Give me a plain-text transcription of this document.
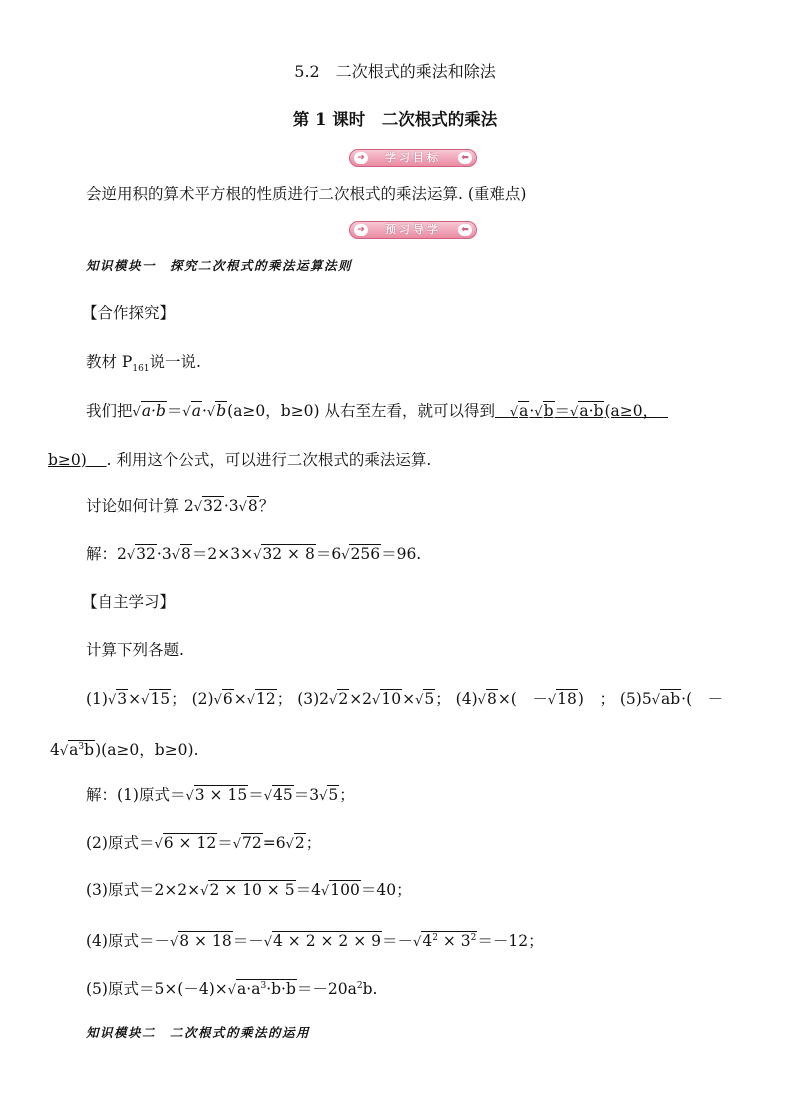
5.2　二次根式的乘法和除法
第 1 课时　二次根式的乘法
➜ 学习目标	⬅
会逆用积的算术平方根的性质进行二次根式的乘法运算. (重难点)
➜ 预习导学	⬅
知识模块一　探究二次根式的乘法运算法则
【合作探究】
教材 $P_{161}$说一说.
我们把√a·b＝√a·√b(a≥0，b≥0) 从右至左看，就可以得到 √a·√b＝√a·b(a≥0，
b≥0) . 利用这个公式，可以进行二次根式的乘法运算.
讨论如何计算 2√32·3√8？
解：2√32·3√8＝2×3×√32 × 8＝6√256＝96.
【自主学习】
计算下列各题.
(1)√3×√15； (2)√6×√12； (3)2√2×2√10×√5； (4)√8×(　－√18)　； (5)5√ab·(　－
$4√a^3b)(a\ge 0$，b≥0).
解：(1)原式＝√3 × 15＝√45＝3√5；
(2)原式＝√6 × 12＝√72=6√2；
(3)原式＝2×2×√2 × 10 × 5＝4√100＝40；
(4)原式$=-√8 \times 18=-√4 \times 2 \times 2 \times 9=-√4^2 \times 3^2=-12$；
(5)原式$=5\times(-4)\times√a\cdot a^3\cdot b\cdot b=-20a^2b$.
知识模块二　二次根式的乘法的运用
